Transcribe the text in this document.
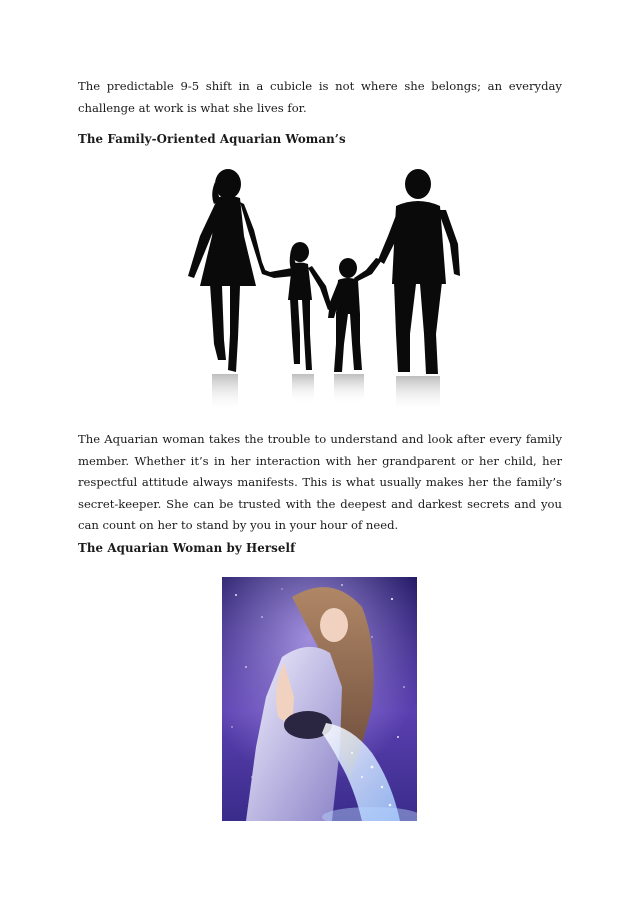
The predictable 9-5 shift in a cubicle is not where she belongs; an everyday challenge at work is what she lives for.

The Family-Oriented Aquarian Woman’s

The Aquarian woman takes the trouble to understand and look after every family member. Whether it’s in her interaction with her grandparent or her child, her respectful attitude always manifests. This is what usually makes her the family’s secret-keeper. She can be trusted with the deepest and darkest secrets and you can count on her to stand by you in your hour of need.

The Aquarian Woman by Herself
